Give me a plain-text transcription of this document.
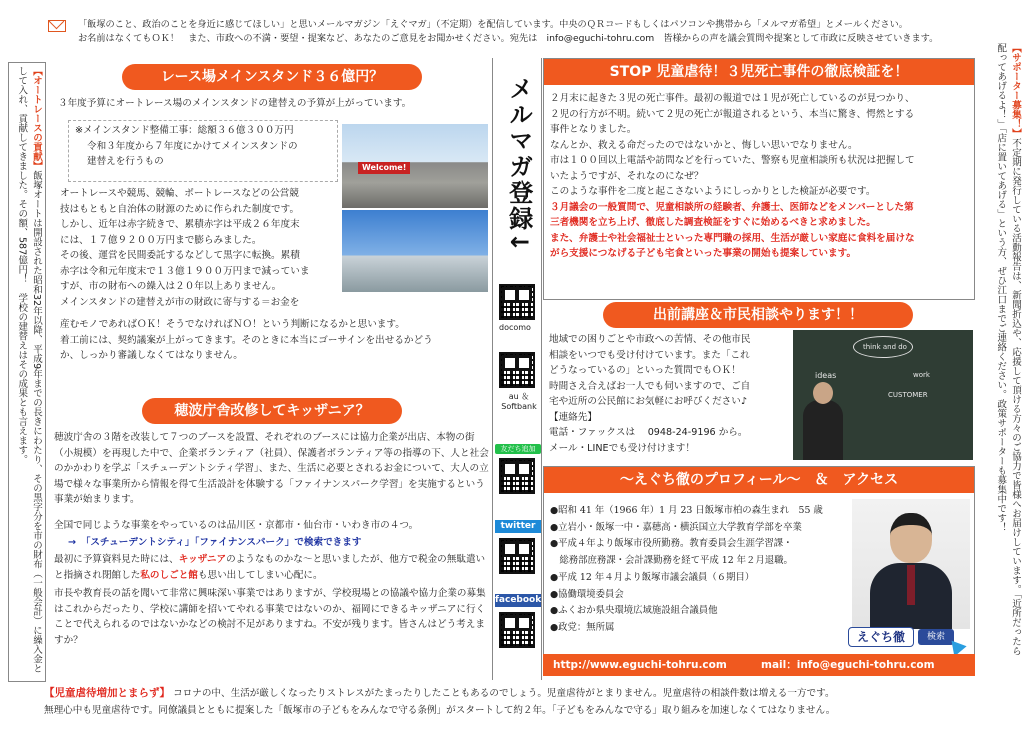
「飯塚のこと、政治のことを身近に感じてほしい」と思いメールマガジン「えぐマガ」（不定期）を配信しています。中央のＱＲコードもしくはパソコンや携帯から「メルマガ希望」とメールください。

お名前はなくてもＯＫ！　また、市政への不満・要望・提案など、あなたのご意見をお聞かせください。宛先は　info@eguchi-tohru.com　皆様からの声を議会質問や提案として市政に反映させていきます。

【オートレースの貢献】飯塚オートは開設された昭和32年以降、平成9年までの長きにわたり、その黒字分を市の財布（一般会計）に繰入金として入れ、貢献してきました。その額、587億円！　学校の建替えはその成果とも言えます。	【サポーター募集！】不定期に発行している活動報告は、新聞折込や、応援して頂ける方々のご協力で皆様へお届けしています。「近所だったら配ってあげるよ！」「店に置いてあげる」という方、ぜひ江口までご連絡ください。政策サポーターも募集中です！
レース場メインスタンド３６億円？
３年度予算にオートレース場のメインスタンドの建替えの予算が上がっています。
※メインスタンド整備工事：総額３６億３００万円
令和３年度から７年度にかけてメインスタンドの
建替えを行うもの
Welcome!
オートレースや競馬、競輪、ボートレースなどの公営競
技はもともと自治体の財源のために作られた制度です。
しかし、近年は赤字続きで、累積赤字は平成２６年度末
には、１７億９２００万円まで膨らみました。
その後、運営を民間委託するなどして黒字に転換。累積
赤字は令和元年度末で１３億１９００万円まで減っていま
すが、市の財布への繰入は２０年以上ありません。
メインスタンドの建替えが市の財政に寄与する＝お金を
産むモノであればＯＫ！そうでなければＮＯ！という判断になるかと思います。
着工前には、契約議案が上がってきます。そのときに本当にゴーサインを出せるかどう
か、しっかり審議しなくてはなりません。
穂波庁舎改修してキッザニア？
穂波庁舎の３階を改装して７つのブースを設置、それぞれのブースには協力企業が出店、本物の街（小規模）を再現した中で、企業ボランティア（社員）、保護者ボランティア等の指導の下、人と社会のかかわりを学ぶ「スチューデントシティ学習」、また、生活に必要とされるお金について、大人の立場で様々な事業所から情報を得て生活設計を体験する「ファイナンスパーク学習」を実施するという事業が始まります。
全国で同じような事業をやっているのは品川区・京都市・仙台市・いわき市の４つ。
→　「スチューデントシティ」「ファイナンスパーク」で検索できます
最初に予算資料見た時には、キッザニアのようなものかな〜と思いましたが、他方で税金の無駄遣いと指摘され閉館した私のしごと館も思い出してしまい心配に。
市長や教育長の話を聞いて非常に興味深い事業ではありますが、学校現場との協議や協力企業の募集はこれからだったり、学校に講師を招いてやれる事業ではないのか、福岡にできるキッザニアに行くことで代えられるのではないかなどの検討不足がありますね。不安が残ります。皆さんはどう考えますか？
メルマガ登録↓
docomo
au ＆ Softbank
友だち追加
twitter
facebook
STOP 児童虐待！３児死亡事件の徹底検証を！
２月末に起きた３児の死亡事件。最初の報道では１児が死亡しているのが見つかり、
２児の行方が不明。続いて２児の死亡が報道されるという、本当に驚き、愕然とする
事件となりました。
なんとか、救える命だったのではないかと、悔しい思いでなりません。
市は１００回以上電話や訪問などを行っていた、警察も児童相談所も状況は把握して
いたようですが、それなのになぜ？
このような事件を二度と起こさないようにしっかりとした検証が必要です。
３月議会の一般質問で、児童相談所の経験者、弁護士、医師などをメンバーとした第
三者機関を立ち上げ、徹底した調査検証をすぐに始めるべきと求めました。
また、弁護士や社会福祉士といった専門職の採用、生活が厳しい家庭に食料を届けな
がら支援につなげる子ども宅食といった事業の開始も提案しています。
出前講座＆市民相談やります！！
地域での困りごとや市政への苦情、その他市民
相談をいつでも受け付けています。また「これ
どうなっているの」といった質問でもＯＫ！
時間さえ合えばお一人でも伺いますので、ご自
宅や近所の公民館にお気軽にお呼びください♪
【連絡先】
電話・ファックスは　 0948-24-9196 から。
メール・LINEでも受け付けます！
think and do
ideas
CUSTOMER
work
〜えぐち徹のプロフィール〜　＆　アクセス
●昭和 41 年（1966 年）1 月 23 日飯塚市柏の森生まれ　55 歳
●立岩小・飯塚一中・嘉穂高・横浜国立大学教育学部を卒業
●平成４年より飯塚市役所勤務。教育委員会生涯学習課・
　総務部庶務課・会計課勤務を経て平成 12 年２月退職。
●平成 12 年４月より飯塚市議会議員（６期目）
●協働環境委員会
●ふくおか県央環境広域施設組合議員他
●政党：無所属
えぐち徹	検索
http://www.eguchi-tohru.com	mail：info@eguchi-tohru.com
【児童虐待増加とまらず】 コロナの中、生活が厳しくなったりストレスがたまったりしたこともあるのでしょう。児童虐待がとまりません。児童虐待の相談件数は増える一方です。
無理心中も児童虐待です。同僚議員とともに提案した「飯塚市の子どもをみんなで守る条例」がスタートして約２年。「子どもをみんなで守る」取り組みを加速しなくてはなりません。
